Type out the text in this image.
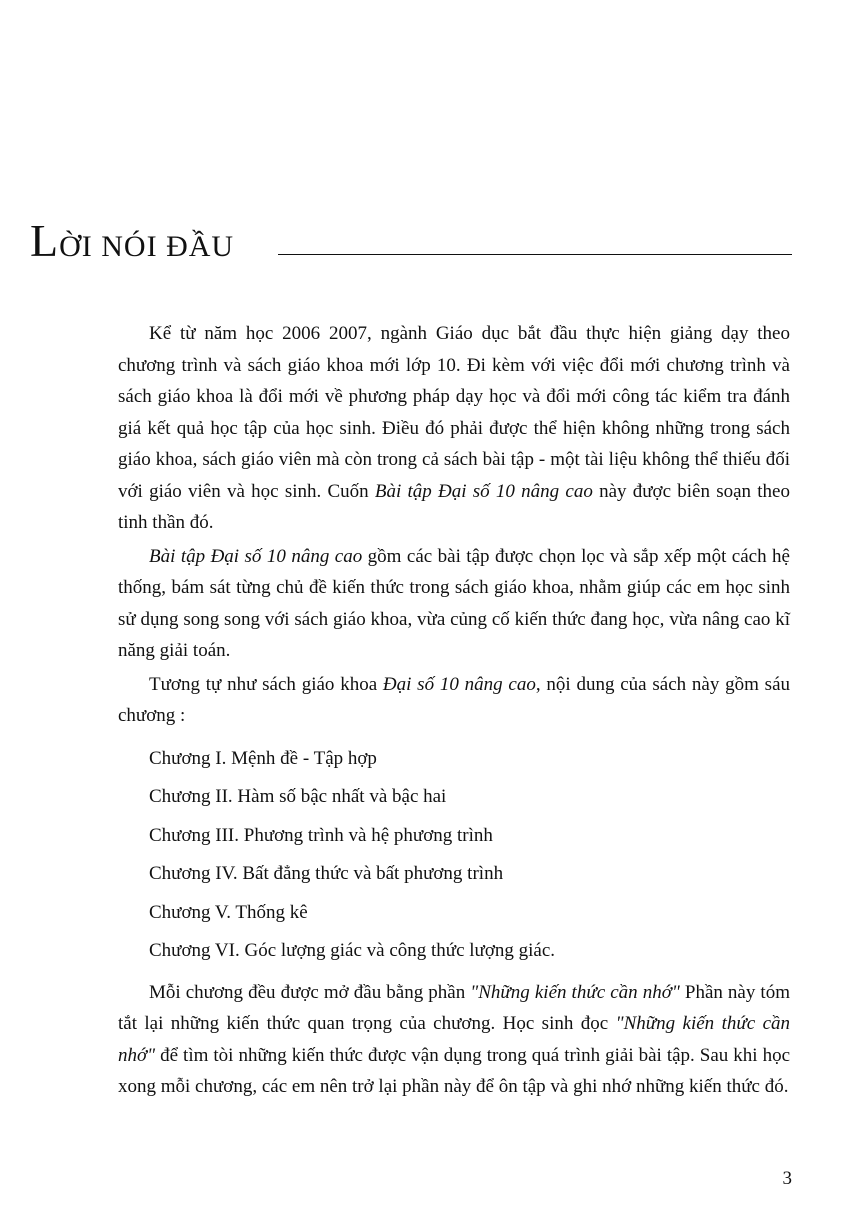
LỜI NÓI ĐẦU

Kể từ năm học 2006 2007, ngành Giáo dục bắt đầu thực hiện giảng dạy theo chương trình và sách giáo khoa mới lớp 10. Đi kèm với việc đổi mới chương trình và sách giáo khoa là đổi mới về phương pháp dạy học và đổi mới công tác kiểm tra đánh giá kết quả học tập của học sinh. Điều đó phải được thể hiện không những trong sách giáo khoa, sách giáo viên mà còn trong cả sách bài tập - một tài liệu không thể thiếu đối với giáo viên và học sinh. Cuốn Bài tập Đại số 10 nâng cao này được biên soạn theo tinh thần đó.

Bài tập Đại số 10 nâng cao gồm các bài tập được chọn lọc và sắp xếp một cách hệ thống, bám sát từng chủ đề kiến thức trong sách giáo khoa, nhằm giúp các em học sinh sử dụng song song với sách giáo khoa, vừa củng cố kiến thức đang học, vừa nâng cao kĩ năng giải toán.

Tương tự như sách giáo khoa Đại số 10 nâng cao, nội dung của sách này gồm sáu chương :

Chương I. Mệnh đề - Tập hợp
Chương II. Hàm số bậc nhất và bậc hai
Chương III. Phương trình và hệ phương trình
Chương IV. Bất đẳng thức và bất phương trình
Chương V. Thống kê
Chương VI. Góc lượng giác và công thức lượng giác.

Mỗi chương đều được mở đầu bằng phần "Những kiến thức cần nhớ" Phần này tóm tắt lại những kiến thức quan trọng của chương. Học sinh đọc "Những kiến thức cần nhớ" để tìm tòi những kiến thức được vận dụng trong quá trình giải bài tập. Sau khi học xong mỗi chương, các em nên trở lại phần này để ôn tập và ghi nhớ những kiến thức đó.

3
